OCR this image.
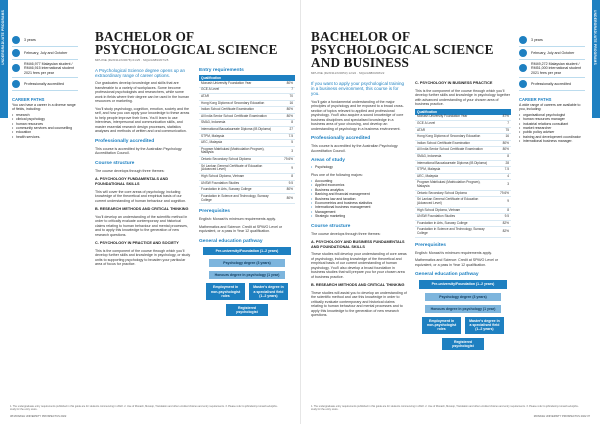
UNDERGRADUATE PROGRAMS	3 years
February, July and October
RM46,977 Malaysian student / RM46,915 international student 2021 fees per year
Professionally accredited
CAREER PATHS
You can have a career in a diverse range of fields, including:
• research
• clinical psychology
• human resources
• community services and counselling
• education
• health services.
BACHELOR OF PSYCHOLOGICAL SCIENCE
MPU/NE (R2/0311/6/0078) 01/25 · MQA/A6893/07/25
A Psychological Science degree opens up an extraordinary range of career options.
Our graduates develop knowledge and skills that are transferable to a variety of workplaces. Some become professional psychologists and researchers, while some work in fields where their degree can be used in the human resources or marketing.
You'll study psychology, cognition, emotion, society and the self, and how you can apply your knowledge to these areas to help people improve their lives. You'll learn to use interviews, interpersonal and communication skills, and master essential research design processes, statistics analyses and methods of written and oral communication.
Professionally accredited
This course is accredited by the Australian Psychology Accreditation Council.
Course structure
The course develops through three themes:
A. PSYCHOLOGY FUNDAMENTALS AND FOUNDATIONAL SKILLS
This will cover the core areas of psychology, including knowledge of the theoretical and empirical basis of our current understanding of human behaviour and cognition.
B. RESEARCH METHODS AND CRITICAL THINKING
You'll develop an understanding of the scientific method in order to critically evaluate contemporary and historical claims relating to human behaviour and mental processes, and to apply this knowledge to the generation of new research questions.
C. PSYCHOLOGY IN PRACTICE AND SOCIETY
This is the component of the course through which you'll develop further skills and knowledge in psychology, or study units to supporting psychology to broaden your particular area of focus for practice.
Entry requirements
Qualification	
Monash University Foundation Year	80%
GCE A Level	7
ATAR	70
Hong Kong Diploma of Secondary Education	16
Indian School Certificate Examination	80%
All India Senior School Certificate Examination	80%
SMA3, Indonesia	8
International Baccalaureate Diploma (IB Diploma)	27
STPM, Malaysia	7.5
UEC, Malaysia	5
Program Matrikulasi (Matriculation Program), Malaysia	3
Ontario Secondary School Diploma	79.6%
Sri Lankan General Certificate of Education (Advanced Level)	9
High School Diploma, Vietnam	8
UNSW Foundation Studies	9.5
Foundation in Arts, Sunway College	80%
Foundation in Science and Technology, Sunway College	80%
Prerequisites
English: Monash's minimum requirements apply.
Mathematics and Science: Credit at SPM/O Level or equivalent, or a pass in Year 12 qualification.
General education pathway
Pre-university/Foundation (1–2 years)
Psychology degree (3 years)
Honours degree in psychology (1 year)
Employment in non-psychologist roles
Master's degree in a specialised field (1–2 years)
Registered psychologist
1. The undergraduate entry requirements published in this guide are for students commencing in 2022. 2. Use of Monash, Mossop, Translation and other enrolled choices and entry requirements. 3. Please refer to jobindustry.monash.edu/jobs-study for the entry score.
38 MONASH UNIVERSITY PROSPECTUS 2022
UNDERGRADUATE PROGRAMS
BACHELOR OF PSYCHOLOGICAL SCIENCE AND BUSINESS
MPU/NE (R2/0311/6/0053) 12/22 · MQA/A8800/08/22
If you want to apply your psychological training in a business environment, this course is for you.
You'll gain a fundamental understanding of the major principles of psychology and be exposed to a broad cross-section of topics relevant to applied and professional psychology. You'll also acquire a sound knowledge of core business disciplines and specialised knowledge in a business area of your choosing, and develop an understanding of psychology in a business environment.
Professionally accredited
This course is accredited by the Australian Psychology Accreditation Council.
Areas of study
• Psychology
Plus one of the following majors:
• Accounting
• Applied economics
• Business analytics
• Banking and financial management
• Business law and taxation
• Econometrics and business statistics
• International business management
• Management
• Strategic marketing
Course structure
The course develops through three themes:
A. PSYCHOLOGY AND BUSINESS FUNDAMENTALS AND FOUNDATIONAL SKILLS
These studies will develop your understanding of core areas of psychology, including knowledge of the theoretical and empirical basis of our current understanding of human psychology. You'll also develop a broad foundation in business studies that will prepare you for your chosen area of business practice.
B. RESEARCH METHODS AND CRITICAL THINKING
These studies will assist you to develop an understanding of the scientific method and use this knowledge in order to critically evaluate contemporary and historical claims relating to human behaviour and mental processes and to apply this knowledge to the generation of new research questions.
C. PSYCHOLOGY IN BUSINESS PRACTICE
This is the component of the course through which you'll develop further skills and knowledge in psychology together with advanced understanding of your chosen area of business practice.
Qualification	
Monash University Foundation Year	87%
GCE A Level	7
ATAR	75
Hong Kong Diploma of Secondary Education	16
Indian School Certificate Examination	80%
All India Senior School Certificate Examination	80%
SMA3, Indonesia	8
International Baccalaureate Diploma (IB Diploma)	28
STPM, Malaysia	7.5
UEC, Malaysia	4
Program Matrikulasi (Matriculation Program), Malaysia	3
Ontario Secondary School Diploma	79.6%
Sri Lankan General Certificate of Education (Advanced Level)	9
High School Diploma, Vietnam	8
UNSW Foundation Studies	9.5
Foundation in Arts, Sunway College	82%
Foundation in Science and Technology, Sunway College	82%
Prerequisites
English: Monash's minimum requirements apply.
Mathematics and Science: Credit at SPM/O Level or equivalent, or a pass in Year 12 qualification.
General education pathway
Pre-university/Foundation (1–2 years)
Psychology degree (3 years)
Honours degree in psychology (1 year)
Employment in non-psychologist roles
Master's degree in a specialised field (1–2 years)
Registered psychologist
3 years
February, July and October
RM49,272 Malaysian student / RM51,000 international student 2021 fees per year
Professionally accredited
CAREER PATHS
A wide range of careers are available to you, including:
• organisational psychologist
• human resources manager
• industrial relations consultant
• market researcher
• public policy adviser
• training and development coordinator
• international business manager.
1. The undergraduate entry requirements published in this guide are for students commencing in 2022. 2. Use of Monash, Mossop, Translation and other enrolled choices and entry requirements. 3. Please refer to jobindustry.monash.edu/jobs-study for the entry score.
MONASH UNIVERSITY PROSPECTUS 2022 37
